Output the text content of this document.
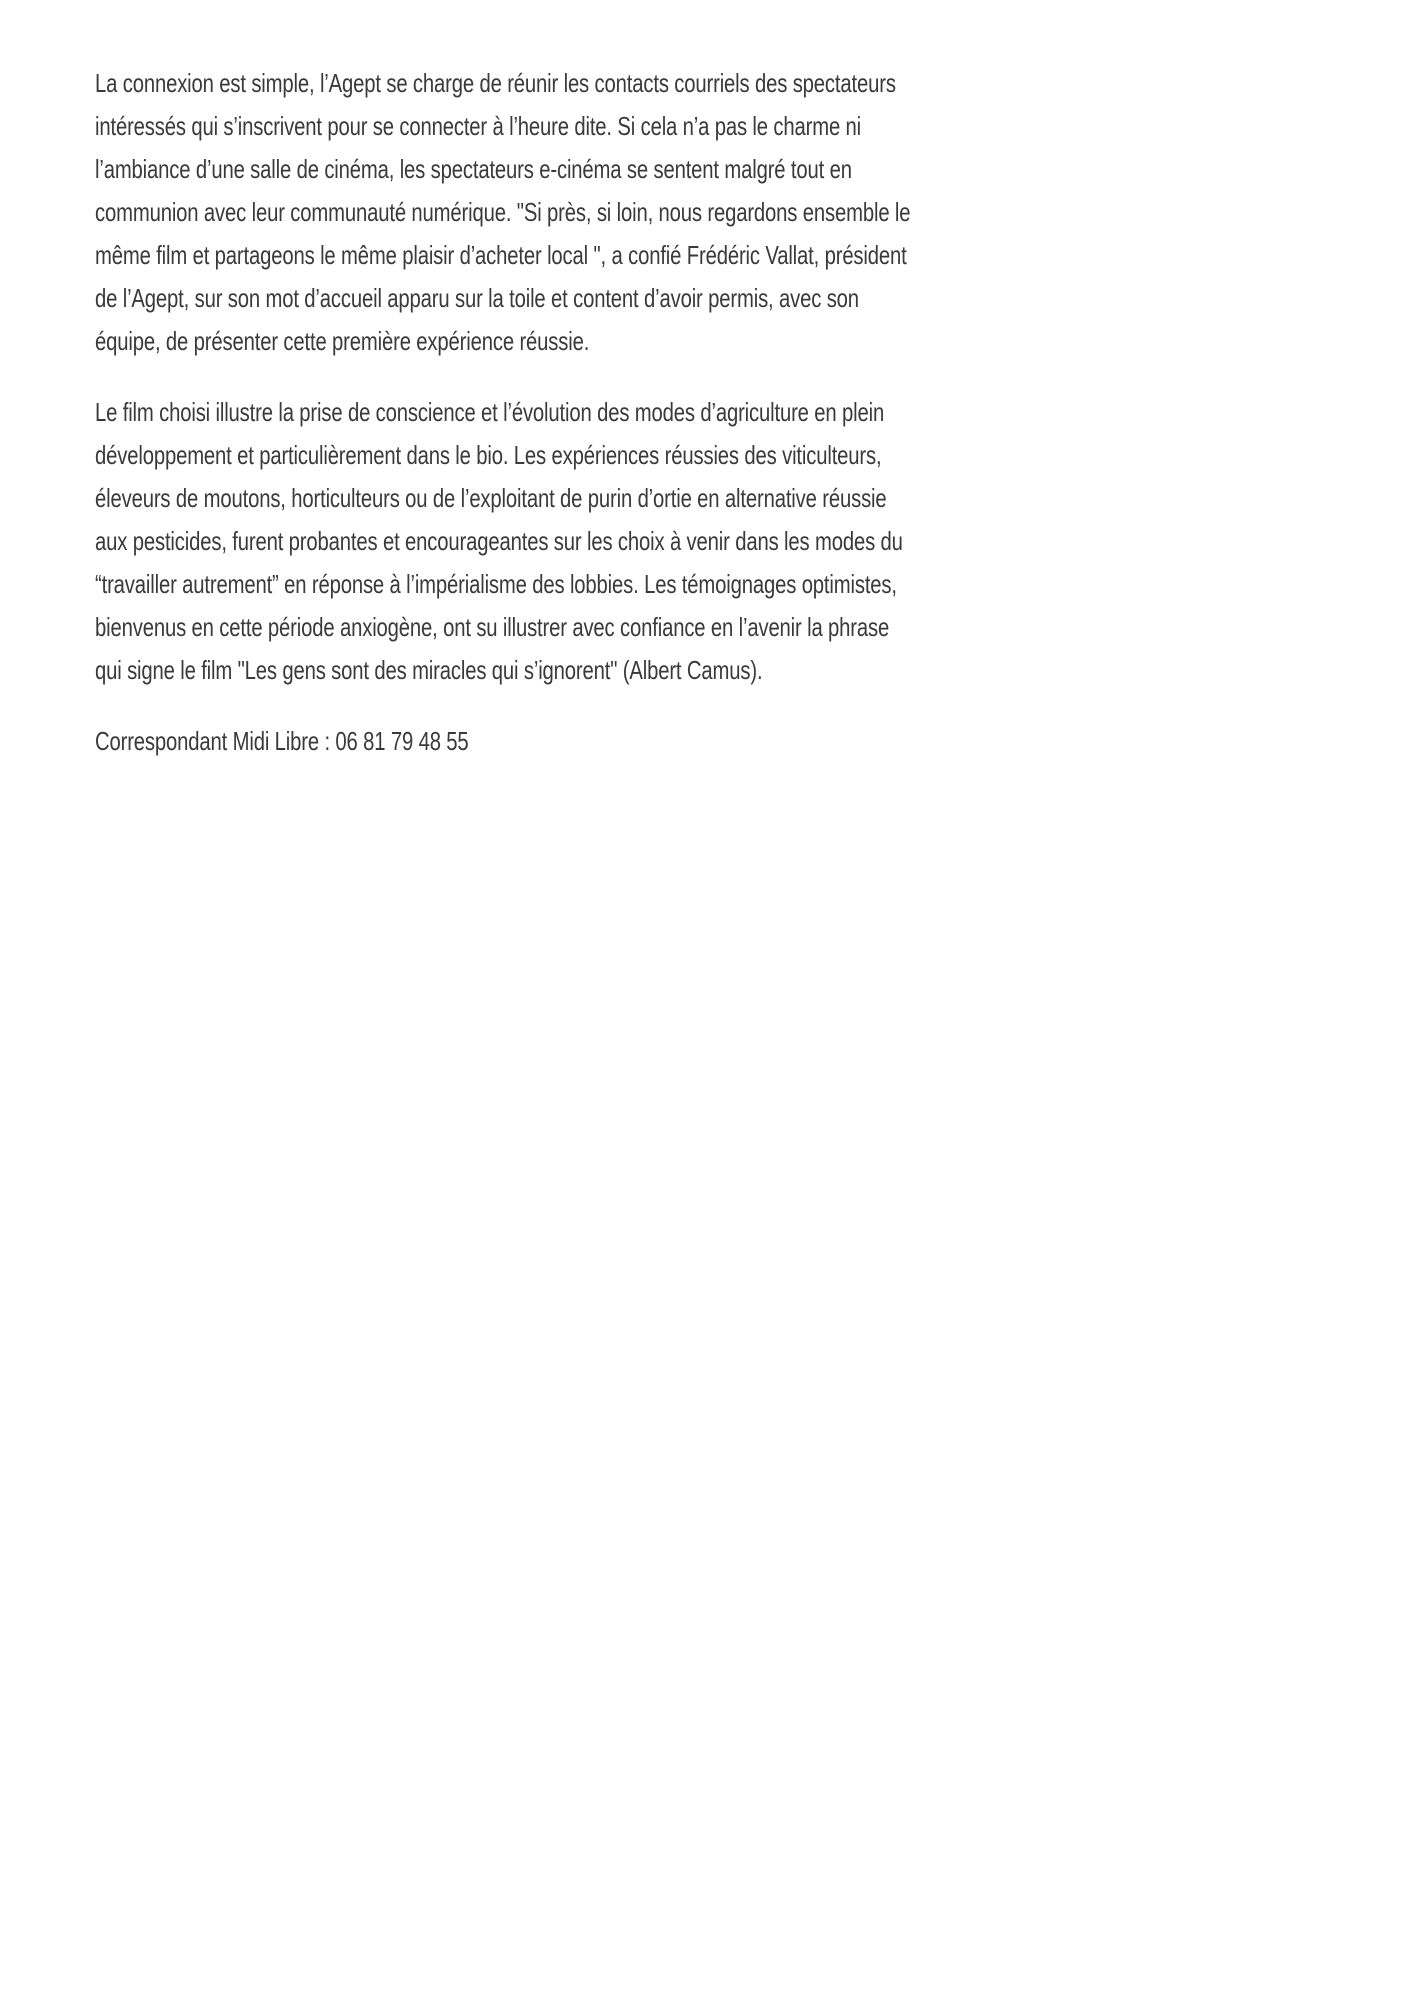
La connexion est simple, l’Agept se charge de réunir les contacts courriels des spectateurs
intéressés qui s’inscrivent pour se connecter à l’heure dite. Si cela n’a pas le charme ni
l’ambiance d’une salle de cinéma, les spectateurs e-cinéma se sentent malgré tout en
communion avec leur communauté numérique. "Si près, si loin, nous regardons ensemble le
même film et partageons le même plaisir d’acheter local ", a confié Frédéric Vallat, président
de l’Agept, sur son mot d’accueil apparu sur la toile et content d’avoir permis, avec son
équipe, de présenter cette première expérience réussie.
Le film choisi illustre la prise de conscience et l’évolution des modes d’agriculture en plein
développement et particulièrement dans le bio. Les expériences réussies des viticulteurs,
éleveurs de moutons, horticulteurs ou de l’exploitant de purin d’ortie en alternative réussie
aux pesticides, furent probantes et encourageantes sur les choix à venir dans les modes du
“travailler autrement” en réponse à l’impérialisme des lobbies. Les témoignages optimistes,
bienvenus en cette période anxiogène, ont su illustrer avec confiance en l’avenir la phrase
qui signe le film "Les gens sont des miracles qui s’ignorent" (Albert Camus).
Correspondant Midi Libre : 06 81 79 48 55
